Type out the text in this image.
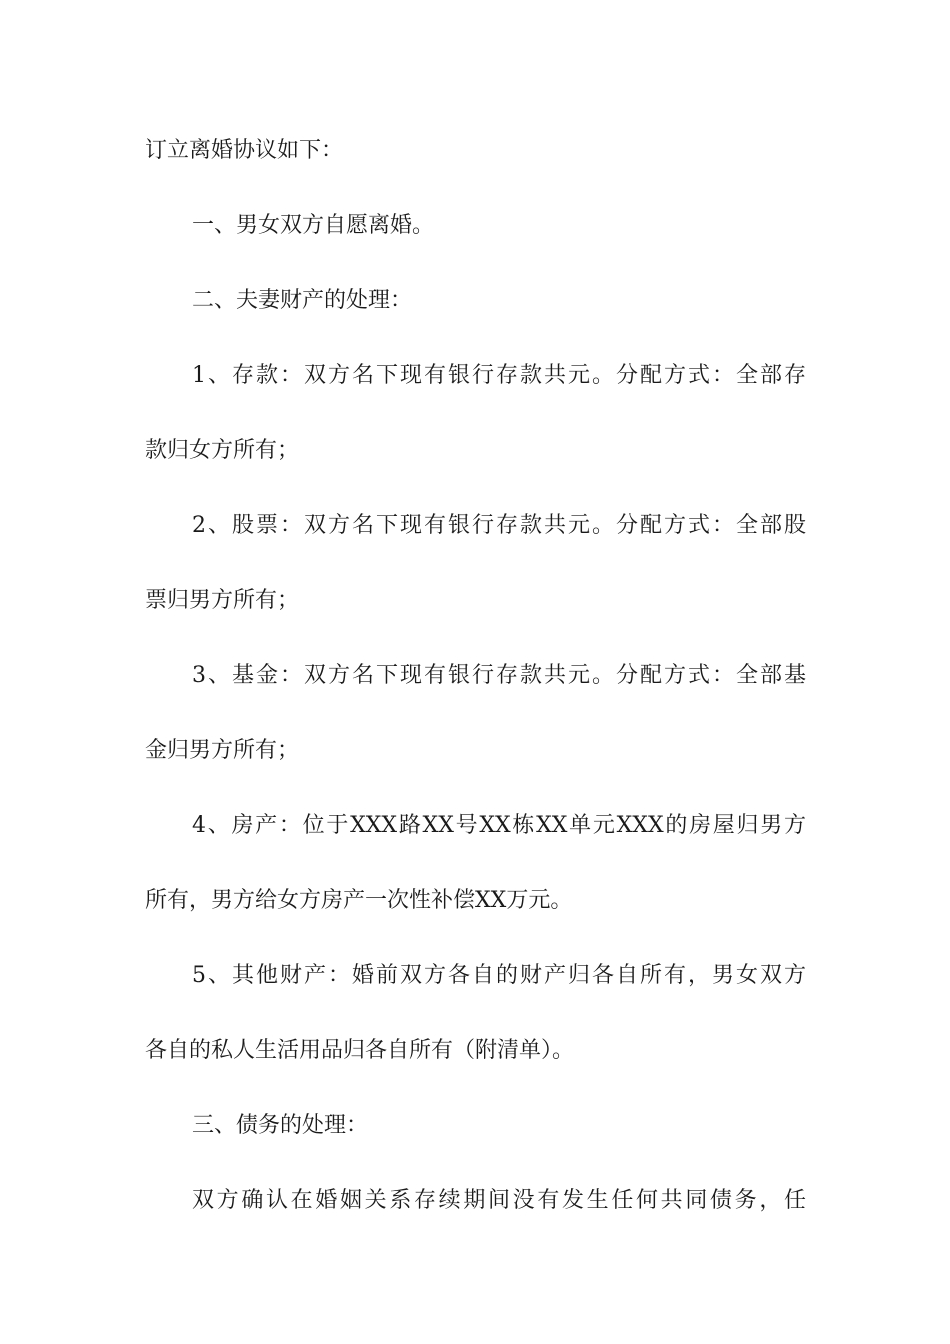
订立离婚协议如下：
一、男女双方自愿离婚。
二、夫妻财产的处理：
1、存款：双方名下现有银行存款共元。分配方式：全部存
款归女方所有；
2、股票：双方名下现有银行存款共元。分配方式：全部股
票归男方所有；
3、基金：双方名下现有银行存款共元。分配方式：全部基
金归男方所有；
4、房产：位于XXX路XX号XX栋XX单元XXX的房屋归男方
所有，男方给女方房产一次性补偿XX万元。
5、其他财产：婚前双方各自的财产归各自所有，男女双方
各自的私人生活用品归各自所有（附清单）。
三、债务的处理：
双方确认在婚姻关系存续期间没有发生任何共同债务，任
